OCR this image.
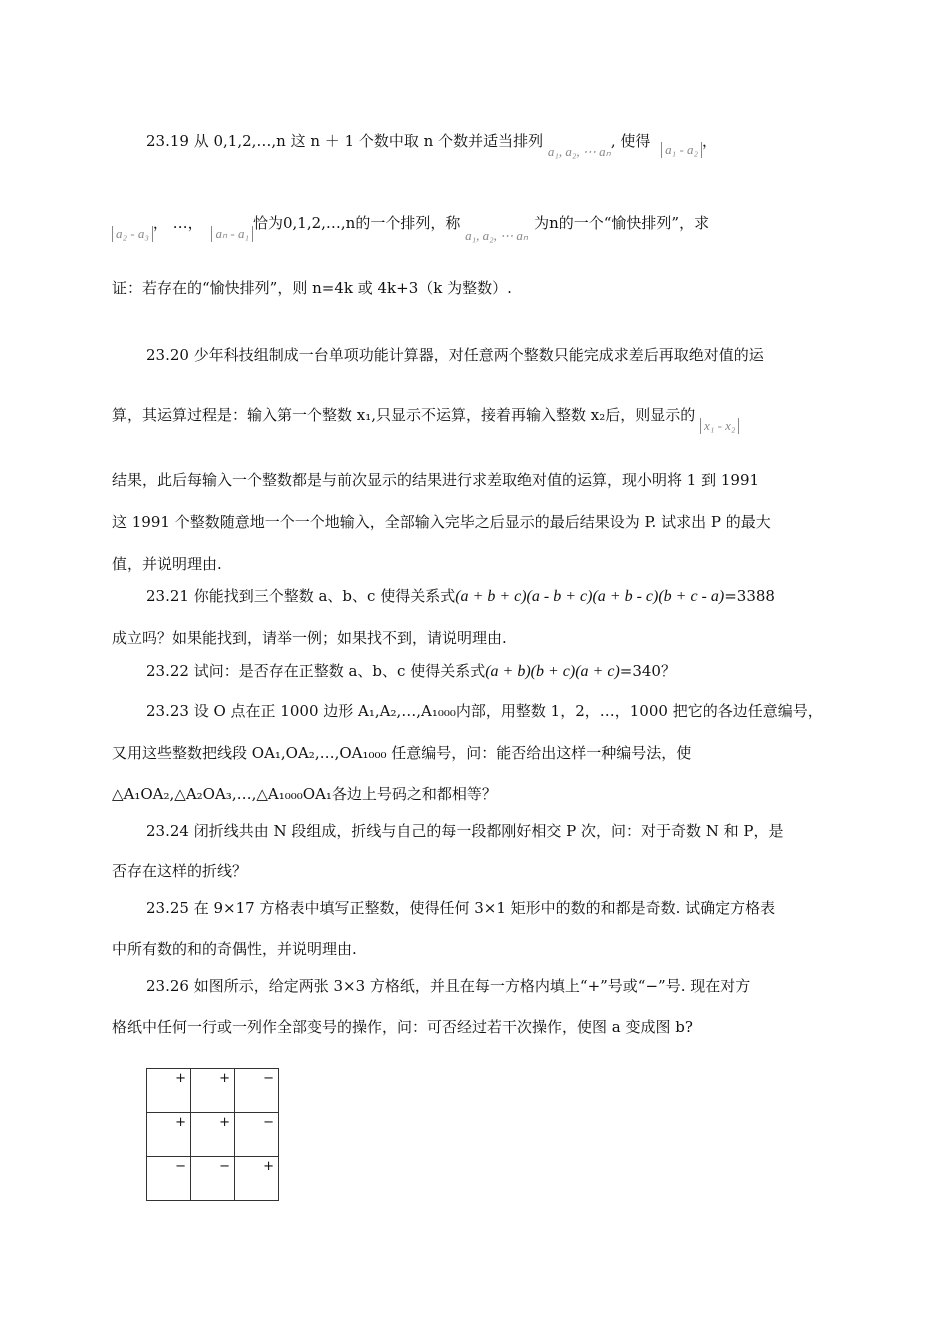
23.19 从 0,1,2,…,n 这 n ＋ 1 个数中取 n 个数并适当排列 a₁, a₂, ⋯ aₙ, 使得 a₁ - a₂ ，
a₂ - a₃， …， aₙ - a₁恰为0,1,2,…,n的一个排列，称 a₁, a₂, ⋯ aₙ为n的一个“愉快排列”，求
证：若存在的“愉快排列”，则 n=4k 或 4k+3（k 为整数）.
23.20 少年科技组制成一台单项功能计算器，对任意两个整数只能完成求差后再取绝对值的运
算，其运算过程是：输入第一个整数 x₁,只显示不运算，接着再输入整数 x₂后，则显示的 x₁ - x₂
结果，此后每输入一个整数都是与前次显示的结果进行求差取绝对值的运算，现小明将 1 到 1991
这 1991 个整数随意地一个一个地输入，全部输入完毕之后显示的最后结果设为 P. 试求出 P 的最大
值，并说明理由.
23.21 你能找到三个整数 a、b、c 使得关系式(a + b + c)(a - b + c)(a + b - c)(b + c - a)=3388
成立吗？如果能找到，请举一例；如果找不到，请说明理由.
23.22 试问：是否存在正整数 a、b、c 使得关系式(a + b)(b + c)(a + c)=340？
23.23 设 O 点在正 1000 边形 A₁,A₂,…,A₁₀₀₀内部，用整数 1，2，…，1000 把它的各边任意编号，
又用这些整数把线段 OA₁,OA₂,…,OA₁₀₀₀ 任意编号，问：能否给出这样一种编号法，使
△A₁OA₂,△A₂OA₃,…,△A₁₀₀₀OA₁各边上号码之和都相等？
23.24 闭折线共由 N 段组成，折线与自己的每一段都刚好相交 P 次，问：对于奇数 N 和 P，是
否存在这样的折线？
23.25 在 9×17 方格表中填写正整数，使得任何 3×1 矩形中的数的和都是奇数. 试确定方格表
中所有数的和的奇偶性，并说明理由.
23.26 如图所示，给定两张 3×3 方格纸，并且在每一方格内填上“+”号或“−”号. 现在对方
格纸中任何一行或一列作全部变号的操作，问：可否经过若干次操作，使图 a 变成图 b?
+	+	−
+	+	−
−	−	+
